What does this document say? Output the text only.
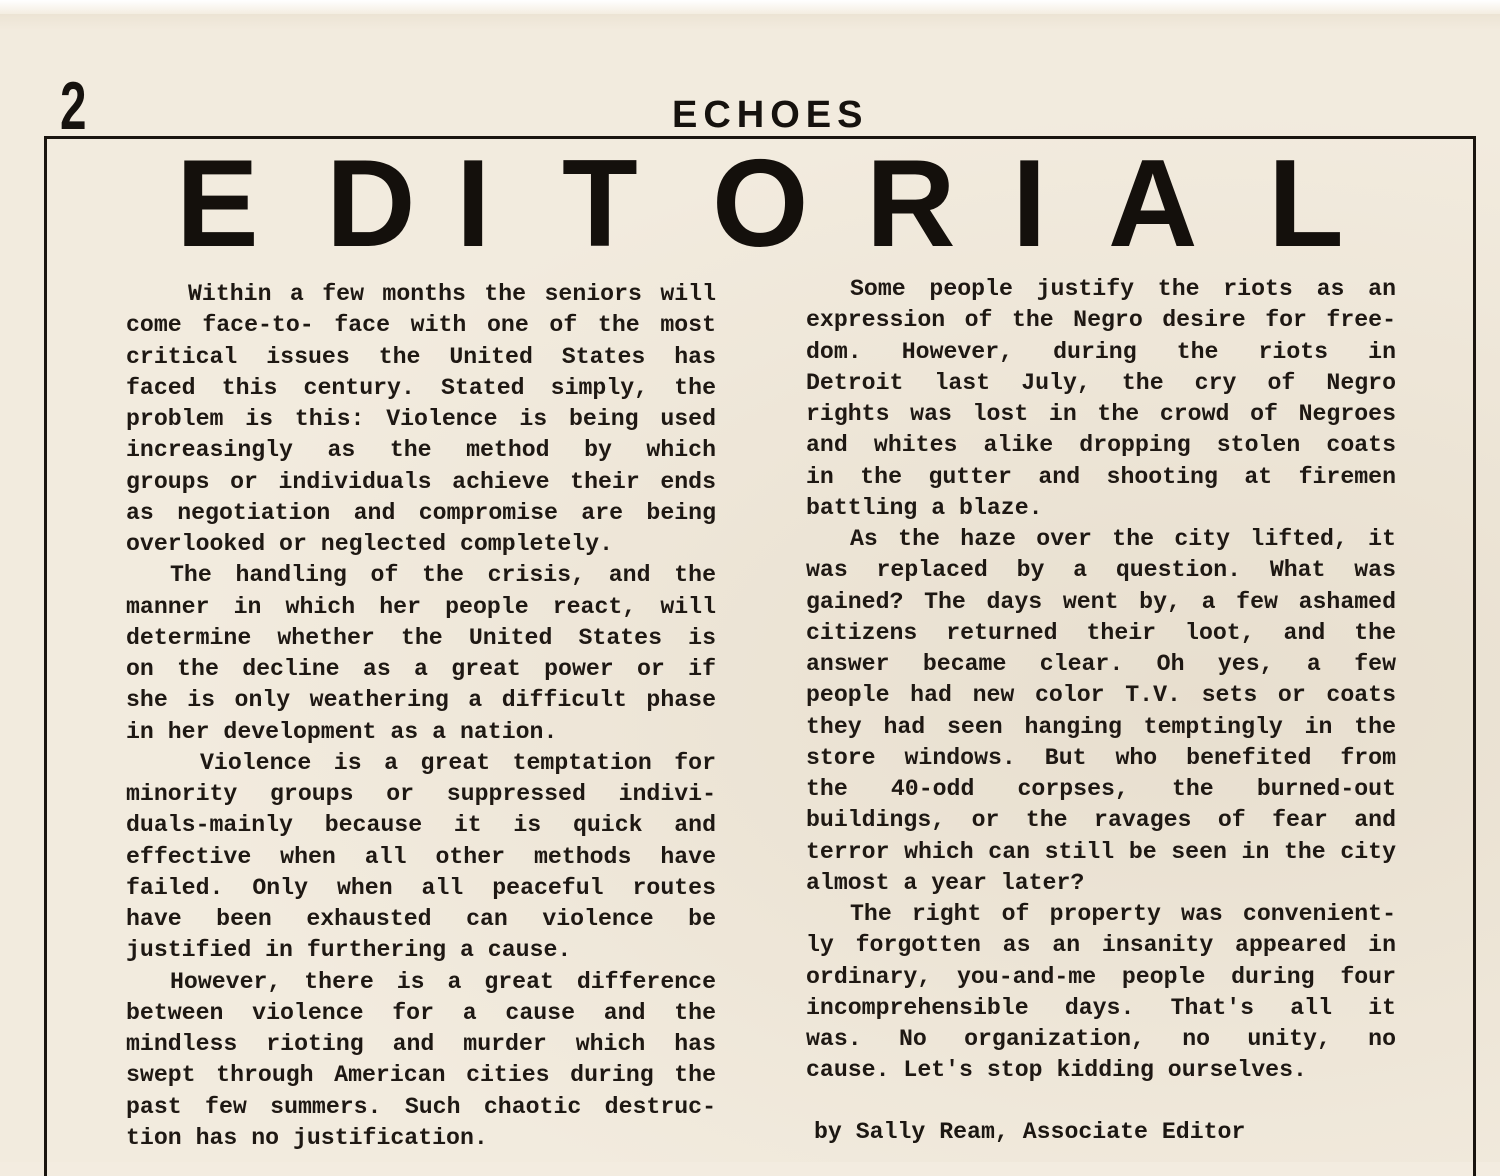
2	ECHOES
E D I T O R I A L
Within a few months the seniors will
come face-to- face with one of the most
critical issues the United States has
faced this century. Stated simply, the
problem is this: Violence is being used
increasingly as the method by which
groups or individuals achieve their ends
as negotiation and compromise are being
overlooked or neglected completely.
The handling of the crisis, and the
manner in which her people react, will
determine whether the United States is
on the decline as a great power or if
she is only weathering a difficult phase
in her development as a nation.
Violence is a great temptation for
minority groups or suppressed indivi-
duals-mainly because it is quick and
effective when all other methods have
failed. Only when all peaceful routes
have been exhausted can violence be
justified in furthering a cause.
However, there is a great difference
between violence for a cause and the
mindless rioting and murder which has
swept through American cities during the
past few summers. Such chaotic destruc-
tion has no justification.
Some people justify the riots as an
expression of the Negro desire for free-
dom. However, during the riots in
Detroit last July, the cry of Negro
rights was lost in the crowd of Negroes
and whites alike dropping stolen coats
in the gutter and shooting at firemen
battling a blaze.
As the haze over the city lifted, it
was replaced by a question. What was
gained? The days went by, a few ashamed
citizens returned their loot, and the
answer became clear. Oh yes, a few
people had new color T.V. sets or coats
they had seen hanging temptingly in the
store windows. But who benefited from
the 40-odd corpses, the burned-out
buildings, or the ravages of fear and
terror which can still be seen in the city
almost a year later?
The right of property was convenient-
ly forgotten as an insanity appeared in
ordinary, you-and-me people during four
incomprehensible days. That's all it
was. No organization, no unity, no
cause. Let's stop kidding ourselves.
by Sally Ream, Associate Editor
